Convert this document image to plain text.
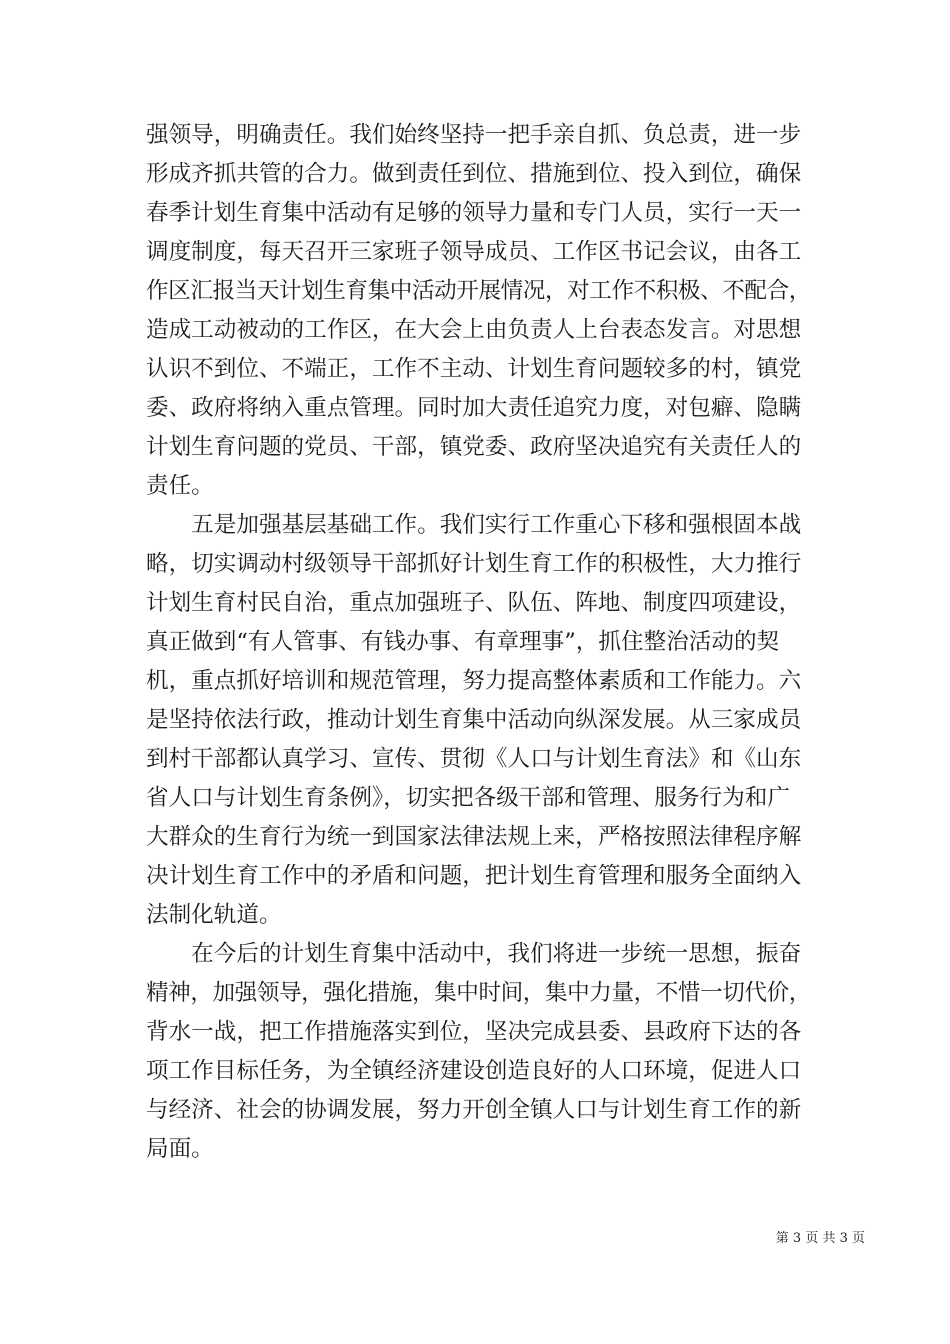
强领导，明确责任。我们始终坚持一把手亲自抓、负总责，进一步
形成齐抓共管的合力。做到责任到位、措施到位、投入到位，确保
春季计划生育集中活动有足够的领导力量和专门人员，实行一天一
调度制度，每天召开三家班子领导成员、工作区书记会议，由各工
作区汇报当天计划生育集中活动开展情况，对工作不积极、不配合，
造成工动被动的工作区，在大会上由负责人上台表态发言。对思想
认识不到位、不端正，工作不主动、计划生育问题较多的村，镇党
委、政府将纳入重点管理。同时加大责任追究力度，对包癖、隐瞒
计划生育问题的党员、干部，镇党委、政府坚决追究有关责任人的
责任。
　　五是加强基层基础工作。我们实行工作重心下移和强根固本战
略，切实调动村级领导干部抓好计划生育工作的积极性，大力推行
计划生育村民自治，重点加强班子、队伍、阵地、制度四项建设，
真正做到“有人管事、有钱办事、有章理事”，抓住整治活动的契
机，重点抓好培训和规范管理，努力提高整体素质和工作能力。六
是坚持依法行政，推动计划生育集中活动向纵深发展。从三家成员
到村干部都认真学习、宣传、贯彻《人口与计划生育法》和《山东
省人口与计划生育条例》，切实把各级干部和管理、服务行为和广
大群众的生育行为统一到国家法律法规上来，严格按照法律程序解
决计划生育工作中的矛盾和问题，把计划生育管理和服务全面纳入
法制化轨道。
　　在今后的计划生育集中活动中，我们将进一步统一思想，振奋
精神，加强领导，强化措施，集中时间，集中力量，不惜一切代价，
背水一战，把工作措施落实到位，坚决完成县委、县政府下达的各
项工作目标任务，为全镇经济建设创造良好的人口环境，促进人口
与经济、社会的协调发展，努力开创全镇人口与计划生育工作的新
局面。
第 3 页 共 3 页
